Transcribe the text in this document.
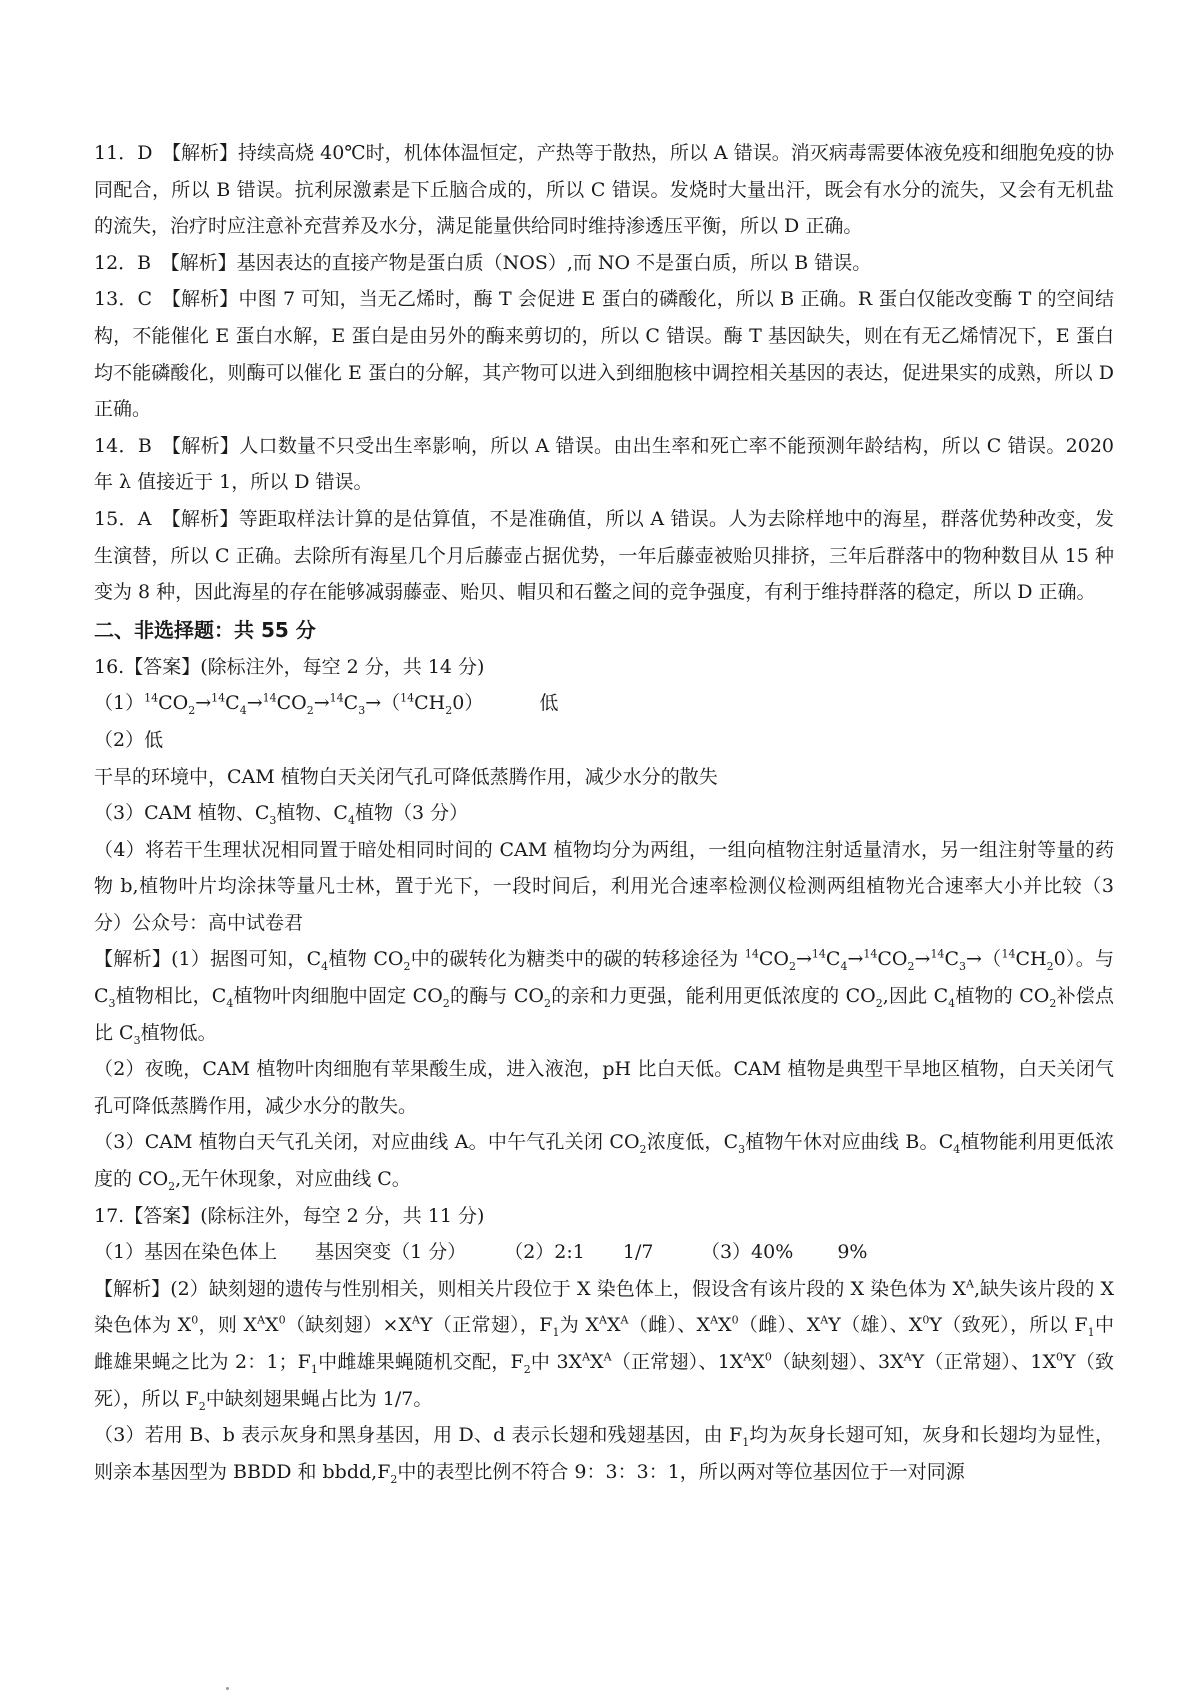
11．D　【解析】持续高烧 40℃时，机体体温恒定，产热等于散热，所以 A 错误。消灭病毒需要体液免疫和细胞免疫的协同配合，所以 B 错误。抗利尿激素是下丘脑合成的，所以 C 错误。发烧时大量出汗，既会有水分的流失，又会有无机盐的流失，治疗时应注意补充营养及水分，满足能量供给同时维持渗透压平衡，所以 D 正确。

12．B　【解析】基因表达的直接产物是蛋白质（NOS）,而 NO 不是蛋白质，所以 B 错误。

13．C　【解析】中图 7 可知，当无乙烯时，酶 T 会促进 E 蛋白的磷酸化，所以 B 正确。R 蛋白仅能改变酶 T 的空间结构，不能催化 E 蛋白水解，E 蛋白是由另外的酶来剪切的，所以 C 错误。酶 T 基因缺失，则在有无乙烯情况下，E 蛋白均不能磷酸化，则酶可以催化 E 蛋白的分解，其产物可以进入到细胞核中调控相关基因的表达，促进果实的成熟，所以 D 正确。

14．B　【解析】人口数量不只受出生率影响，所以 A 错误。由出生率和死亡率不能预测年龄结构，所以 C 错误。2020 年 λ 值接近于 1，所以 D 错误。

15．A　【解析】等距取样法计算的是估算值，不是准确值，所以 A 错误。人为去除样地中的海星，群落优势种改变，发生演替，所以 C 正确。去除所有海星几个月后藤壶占据优势，一年后藤壶被贻贝排挤，三年后群落中的物种数目从 15 种变为 8 种，因此海星的存在能够减弱藤壶、贻贝、帽贝和石鳖之间的竞争强度，有利于维持群落的稳定，所以 D 正确。

二、非选择题：共 55 分

16.【答案】(除标注外，每空 2 分，共 14 分)

$(1)^{14}CO_2\to^{14}C_4\to^{14}CO_2\to^{14}C_3\to(^{14}CH_20)$	低

（2）低

干旱的环境中，CAM 植物白天关闭气孔可降低蒸腾作用，减少水分的散失

（3）CAM 植物、$C_3$植物、$C_4$植物（3 分）

（4）将若干生理状况相同置于暗处相同时间的 CAM 植物均分为两组，一组向植物注射适量清水，另一组注射等量的药物 b,植物叶片均涂抹等量凡士林，置于光下，一段时间后，利用光合速率检测仪检测两组植物光合速率大小并比较（3 分）公众号：高中试卷君

【解析】(1）据图可知，$C_4$植物 $CO_2$中的碳转化为糖类中的碳的转移途径为 $^{14}CO_2\to^{14}C_4\to^{14}CO_2\to^{14}C_3\to(^{14}CH_20)$。与 $C_3$植物相比，$C_4$植物叶肉细胞中固定 $CO_2$的酶与 $CO_2$的亲和力更强，能利用更低浓度的 $CO_2$,因此 $C_4$植物的 $CO_2$补偿点比 $C_3$植物低。

（2）夜晚，CAM 植物叶肉细胞有苹果酸生成，进入液泡，pH 比白天低。CAM 植物是典型干旱地区植物，白天关闭气孔可降低蒸腾作用，减少水分的散失。

（3）CAM 植物白天气孔关闭，对应曲线 A。中午气孔关闭 $CO_2$浓度低，$C_3$植物午休对应曲线 B。$C_4$植物能利用更低浓度的 $CO_2$,无午休现象，对应曲线 C。

17.【答案】(除标注外，每空 2 分，共 11 分)

（1）基因在染色体上　　基因突变（1 分）　　　（2）2:1　　1/7　　　（3）40%　　 9%

【解析】(2）缺刻翅的遗传与性别相关，则相关片段位于 X 染色体上，假设含有该片段的 X 染色体为 $X^A$,缺失该片段的 X 染色体为 $X^0$，则 $X^AX^0$（缺刻翅）$\times X^AY$（正常翅），$F_1$为 $X^AX^A$（雌）、$X^AX^0$（雌）、$X^AY$（雄）、$X^0Y$（致死），所以 $F_1$中雌雄果蝇之比为 2：1；$F_1$中雌雄果蝇随机交配，$F_2$中 $3X^AX^A$（正常翅）、$1X^AX^0$（缺刻翅）、$3X^AY$（正常翅）、$1X^0Y$（致死），所以 $F_2$中缺刻翅果蝇占比为 1/7。

（3）若用 B、b 表示灰身和黑身基因，用 D、d 表示长翅和残翅基因，由 $F_1$均为灰身长翅可知，灰身和长翅均为显性，则亲本基因型为 BBDD 和 $bbdd,F_2$中的表型比例不符合 9：3：3：1，所以两对等位基因位于一对同源
